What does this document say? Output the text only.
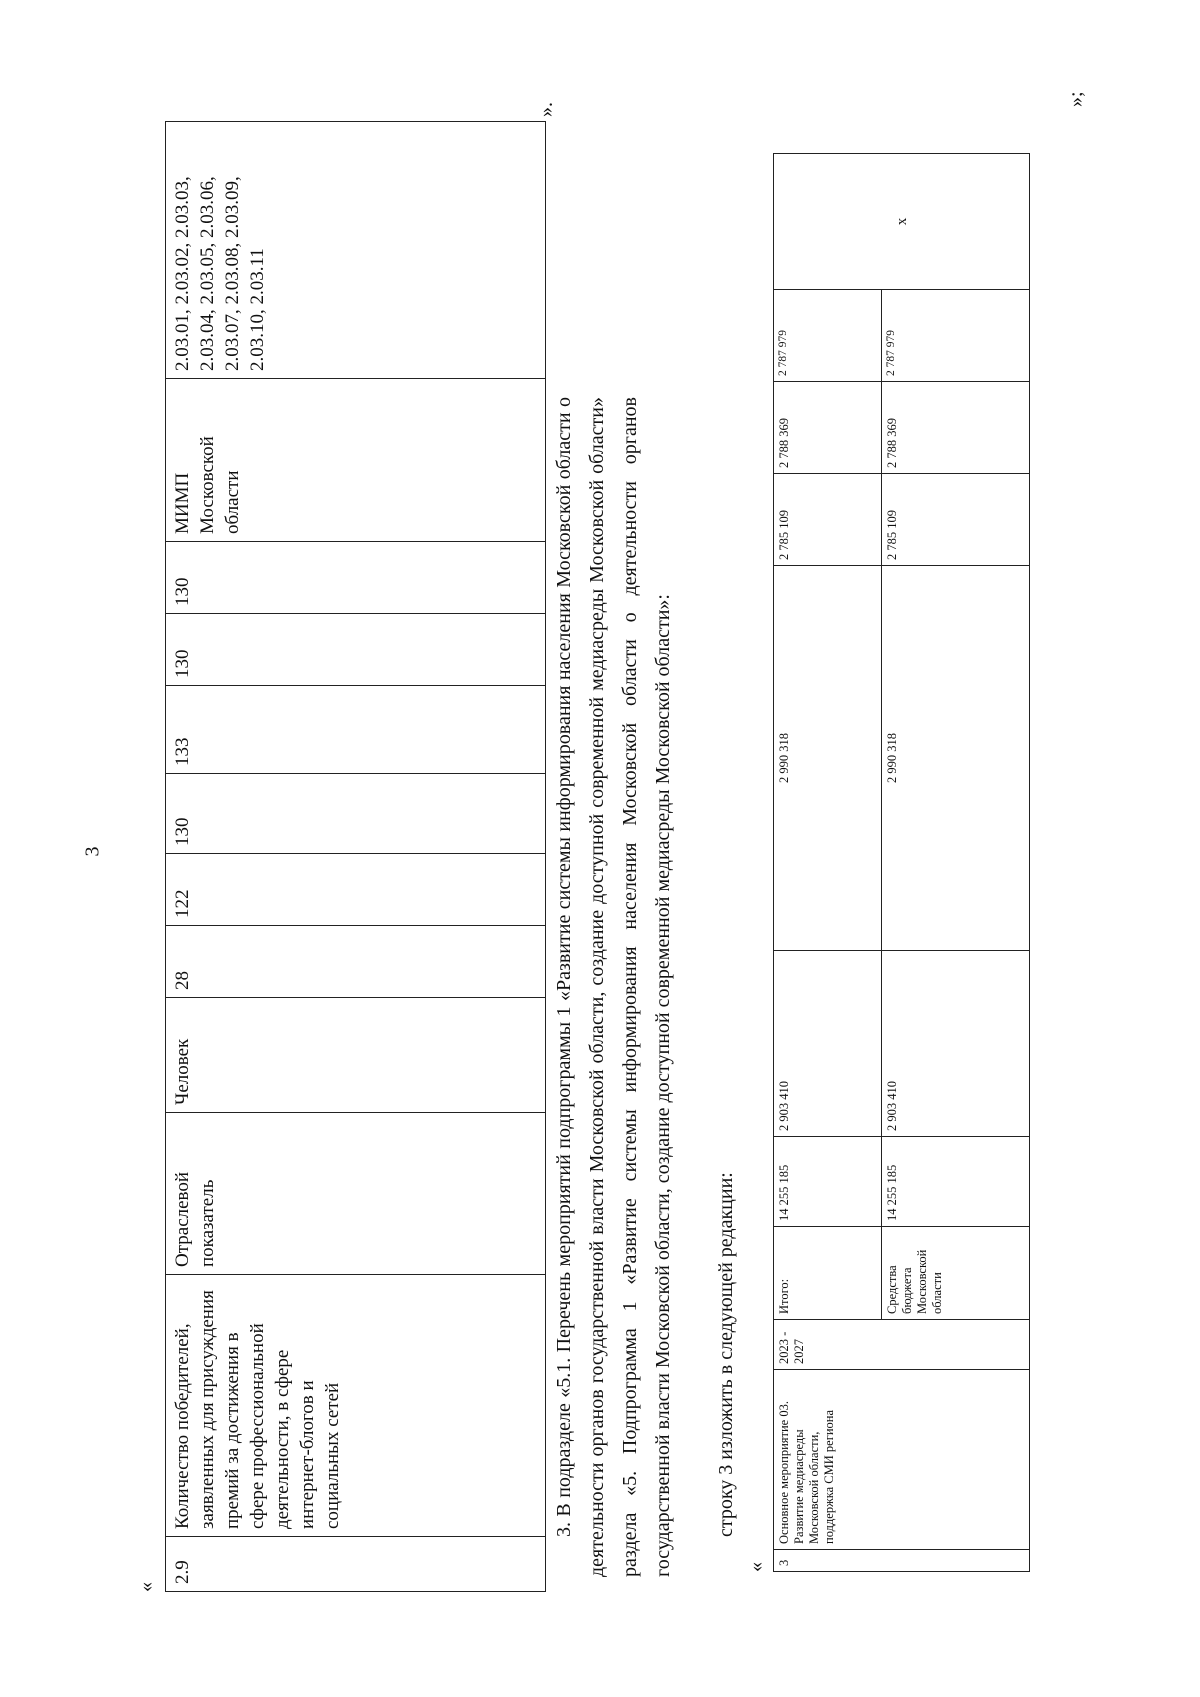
3
«
2.9	Количество победителей, заявленных для присуждения премий за достижения в сфере профессиональной деятельности, в сфере интернет-блогов и социальных сетей	Отраслевой показатель	Человек	28	122	130	133	130	130	МИМП Московской области	2.03.01, 2.03.02, 2.03.03, 2.03.04, 2.03.05, 2.03.06, 2.03.07, 2.03.08, 2.03.09, 2.03.10, 2.03.11
».

3. В подразделе «5.1. Перечень мероприятий подпрограммы 1 «Развитие системы информирования населения Московской области о деятельности органов государственной власти Московской области, создание доступной современной медиасреды Московской области» раздела «5. Подпрограмма 1 «Развитие системы информирования населения Московской области о деятельности органов государственной власти Московской области, создание доступной современной медиасреды Московской области»:	строку 3 изложить в следующей редакции:

« 3	Основное мероприятие 03. Развитие медиасреды Московской области, поддержка СМИ региона	2023 - 2027	Итого:	14 255 185	2 903 410	2 990 318	2 785 109	2 788 369	2 787 979	х
			Средства бюджета Московской области	14 255 185	2 903 410	2 990 318	2 785 109	2 788 369	2 787 979	
»;
